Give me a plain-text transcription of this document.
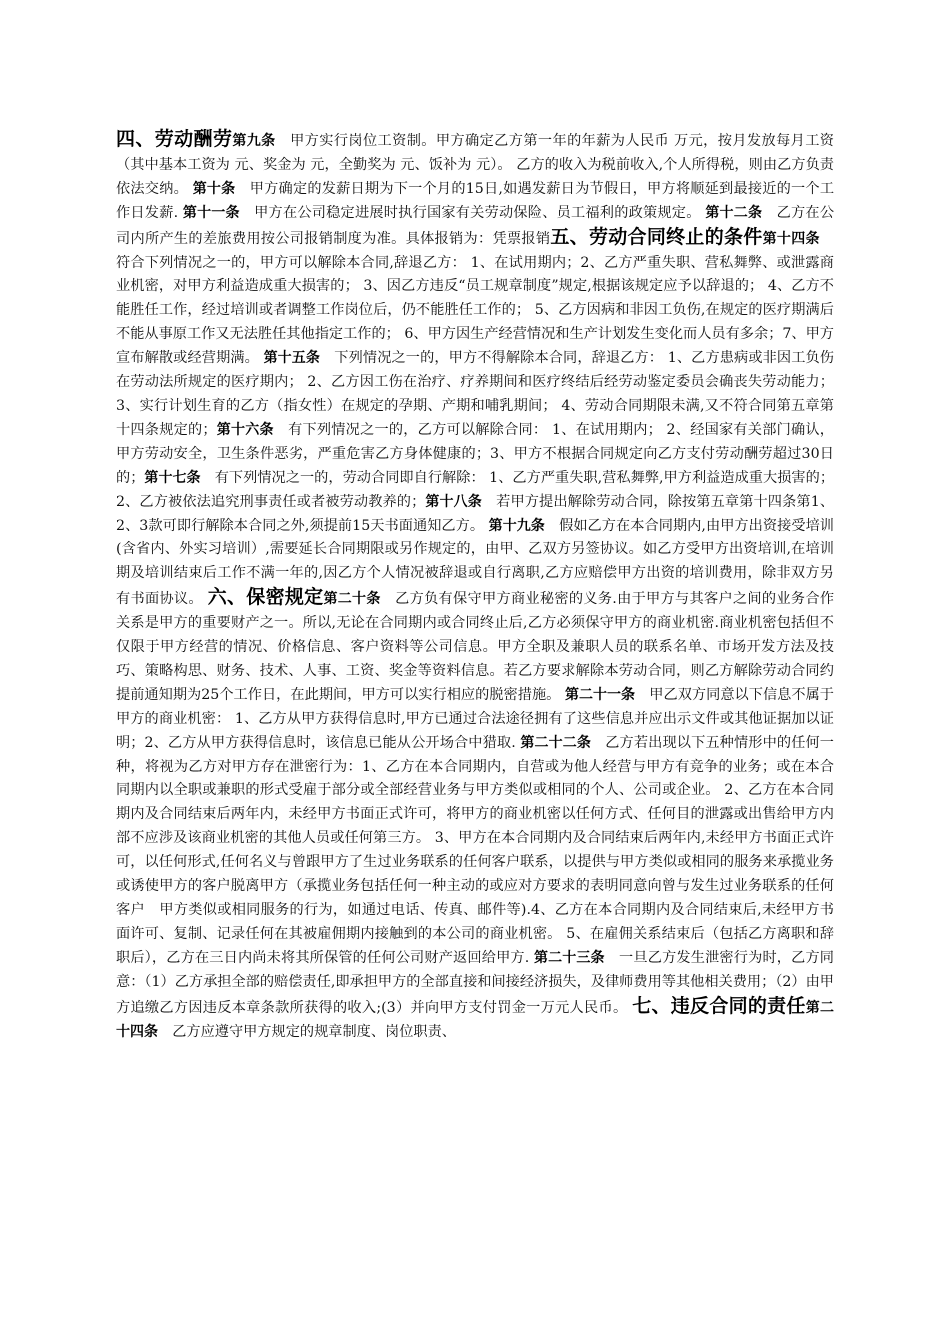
四、劳动酬劳第九条　甲方实行岗位工资制。甲方确定乙方第一年的年薪为人民币 万元，按月发放每月工资（其中基本工资为 元、奖金为 元，全勤奖为 元、饭补为 元）。 乙方的收入为税前收入,个人所得税，则由乙方负责依法交纳。 第十条　甲方确定的发薪日期为下一个月的15日,如遇发薪日为节假日，甲方将顺延到最接近的一个工作日发薪. 第十一条　甲方在公司稳定进展时执行国家有关劳动保险、员工福利的政策规定。 第十二条　乙方在公司内所产生的差旅费用按公司报销制度为准。具体报销为：凭票报销五、劳动合同终止的条件第十四条　符合下列情况之一的，甲方可以解除本合同,辞退乙方： 1、在试用期内；2、乙方严重失职、营私舞弊、或泄露商业机密，对甲方利益造成重大损害的； 3、因乙方违反“员工规章制度”规定,根据该规定应予以辞退的； 4、乙方不能胜任工作，经过培训或者调整工作岗位后，仍不能胜任工作的； 5、乙方因病和非因工负伤,在规定的医疗期满后不能从事原工作又无法胜任其他指定工作的； 6、甲方因生产经营情况和生产计划发生变化而人员有多余；7、甲方宣布解散或经营期满。 第十五条　下列情况之一的，甲方不得解除本合同，辞退乙方： 1、乙方患病或非因工负伤在劳动法所规定的医疗期内； 2、乙方因工伤在治疗、疗养期间和医疗终结后经劳动鉴定委员会确丧失劳动能力； 3、实行计划生育的乙方（指女性）在规定的孕期、产期和哺乳期间； 4、劳动合同期限未满,又不符合同第五章第十四条规定的；第十六条　有下列情况之一的，乙方可以解除合同： 1、在试用期内； 2、经国家有关部门确认，甲方劳动安全，卫生条件恶劣，严重危害乙方身体健康的；3、甲方不根据合同规定向乙方支付劳动酬劳超过30日的；第十七条　有下列情况之一的，劳动合同即自行解除： 1、乙方严重失职,营私舞弊,甲方利益造成重大损害的； 2、乙方被依法追究刑事责任或者被劳动教养的；第十八条　若甲方提出解除劳动合同，除按第五章第十四条第1、2、3款可即行解除本合同之外,须提前15天书面通知乙方。 第十九条　假如乙方在本合同期内,由甲方出资接受培训(含省内、外实习培训）,需要延长合同期限或另作规定的，由甲、乙双方另签协议。如乙方受甲方出资培训,在培训期及培训结束后工作不满一年的,因乙方个人情况被辞退或自行离职,乙方应赔偿甲方出资的培训费用，除非双方另有书面协议。 六、保密规定第二十条　乙方负有保守甲方商业秘密的义务.由于甲方与其客户之间的业务合作关系是甲方的重要财产之一。所以,无论在合同期内或合同终止后,乙方必须保守甲方的商业机密.商业机密包括但不仅限于甲方经营的情况、价格信息、客户资料等公司信息。甲方全职及兼职人员的联系名单、市场开发方法及技巧、策略构思、财务、技术、人事、工资、奖金等资料信息。若乙方要求解除本劳动合同，则乙方解除劳动合同约提前通知期为25个工作日，在此期间，甲方可以实行相应的脱密措施。 第二十一条　甲乙双方同意以下信息不属于甲方的商业机密： 1、乙方从甲方获得信息时,甲方已通过合法途径拥有了这些信息并应出示文件或其他证据加以证明；2、乙方从甲方获得信息时，该信息已能从公开场合中猎取. 第二十二条　乙方若出现以下五种情形中的任何一种，将视为乙方对甲方存在泄密行为：1、乙方在本合同期内，自营或为他人经营与甲方有竞争的业务；或在本合同期内以全职或兼职的形式受雇于部分或全部经营业务与甲方类似或相同的个人、公司或企业。 2、乙方在本合同期内及合同结束后两年内，未经甲方书面正式许可，将甲方的商业机密以任何方式、任何目的泄露或出售给甲方内部不应涉及该商业机密的其他人员或任何第三方。 3、甲方在本合同期内及合同结束后两年内,未经甲方书面正式许可，以任何形式,任何名义与曾跟甲方了生过业务联系的任何客户联系，以提供与甲方类似或相同的服务来承揽业务或诱使甲方的客户脱离甲方（承揽业务包括任何一种主动的或应对方要求的表明同意向曾与发生过业务联系的任何客户　甲方类似或相同服务的行为，如通过电话、传真、邮件等).4、乙方在本合同期内及合同结束后,未经甲方书面许可、复制、记录任何在其被雇佣期内接触到的本公司的商业机密。 5、在雇佣关系结束后（包括乙方离职和辞职后），乙方在三日内尚未将其所保管的任何公司财产返回给甲方. 第二十三条　一旦乙方发生泄密行为时，乙方同意：（1）乙方承担全部的赔偿责任,即承担甲方的全部直接和间接经济损失，及律师费用等其他相关费用；（2）由甲方追缴乙方因违反本章条款所获得的收入;(3）并向甲方支付罚金一万元人民币。 七、违反合同的责任第二十四条　乙方应遵守甲方规定的规章制度、岗位职责、
